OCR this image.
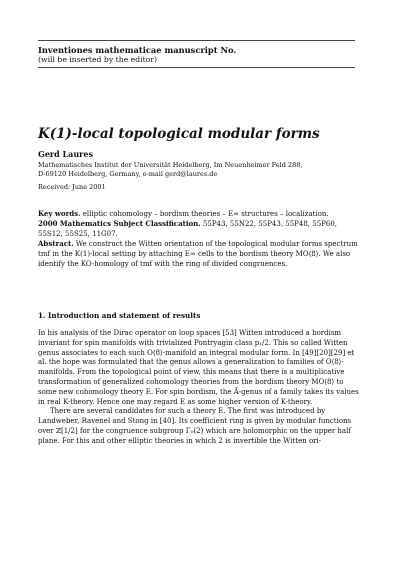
Inventiones mathematicae manuscript No.
(will be inserted by the editor)
K(1)-local topological modular forms
Gerd Laures
Mathematisches Institut der Universität Heidelberg, Im Neuenheimer Feld 288,
D-69120 Heidelberg, Germany, e-mail gerd@laures.de
Received: June 2001

Key words. elliptic cohomology – bordism theories – E∞ structures – localization.

2000 Mathematics Subject Classification. 55P43, 55N22, 55P43, 55P48, 55P60, 55S12, 55S25, 11G07.

Abstract. We construct the Witten orientation of the topological modular forms spectrum tmf in the K(1)-local setting by attaching E∞ cells to the bordism theory MO⟨8⟩. We also identify the KO-homology of tmf with the ring of divided congruences.

1. Introduction and statement of results

In his analysis of the Dirac operator on loop spaces [53] Witten introduced a bordism invariant for spin manifolds with trivialized Pontryagin class p₁/2. This so called Witten genus associates to each such O⟨8⟩-manifold an integral modular form. In [49][20][29] et al. the hope was formulated that the genus allows a generalization to families of O⟨8⟩-manifolds. From the topological point of view, this means that there is a multiplicative transformation of generalized cohomology theories from the bordism theory MO⟨8⟩ to some new cohomology theory E. For spin bordism, the Â-genus of a family takes its values in real K-theory. Hence one may regard E as some higher version of K-theory.

There are several candidates for such a theory E. The first was introduced by Landweber, Ravenel and Stong in [40]. Its coefficient ring is given by modular functions over ℤ[1/2] for the congruence subgroup Γ₀(2) which are holomorphic on the upper half plane. For this and other elliptic theories in which 2 is invertible the Witten ori-
